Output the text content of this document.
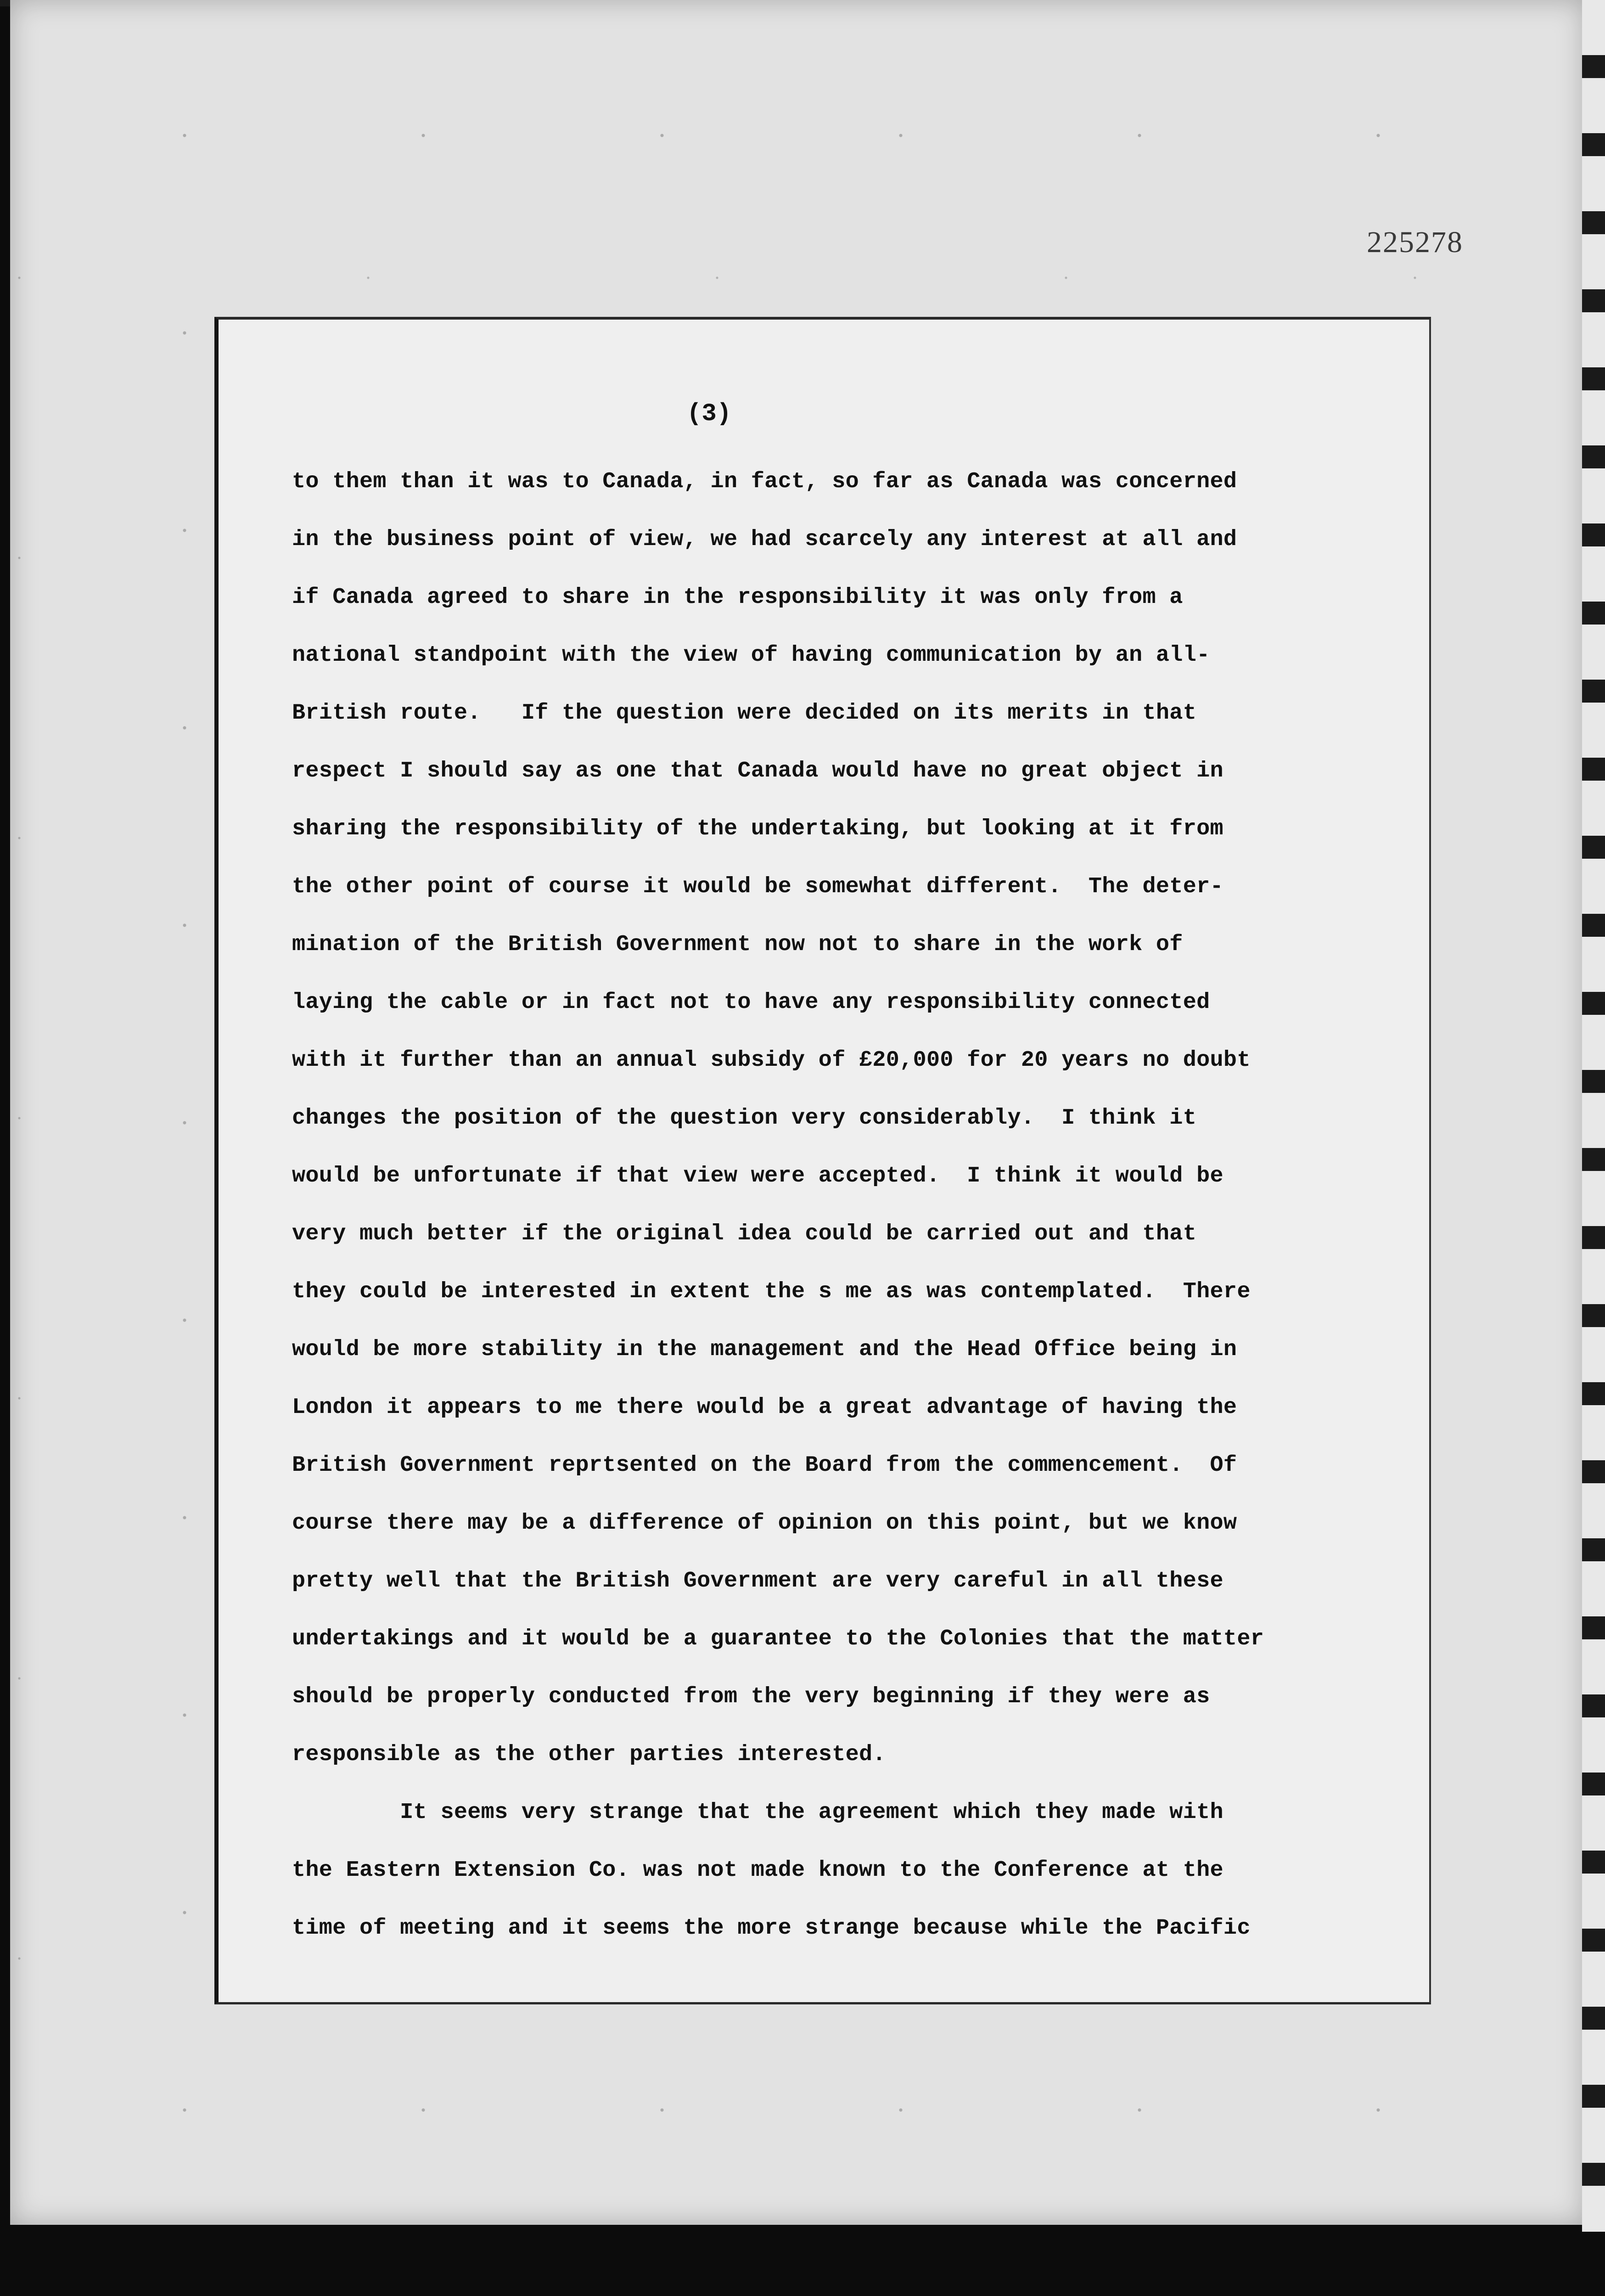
225278
(3)
to them than it was to Canada, in fact, so far as Canada was concerned
in the business point of view, we had scarcely any interest at all and
if Canada agreed to share in the responsibility it was only from a
national standpoint with the view of having communication by an all-
British route.   If the question were decided on its merits in that
respect I should say as one that Canada would have no great object in
sharing the responsibility of the undertaking, but looking at it from
the other point of course it would be somewhat different.  The deter-
mination of the British Government now not to share in the work of
laying the cable or in fact not to have any responsibility connected
with it further than an annual subsidy of £20,000 for 20 years no doubt
changes the position of the question very considerably.  I think it
would be unfortunate if that view were accepted.  I think it would be
very much better if the original idea could be carried out and that
they could be interested in extent the s me as was contemplated.  There
would be more stability in the management and the Head Office being in
London it appears to me there would be a great advantage of having the
British Government reprtsented on the Board from the commencement.  Of
course there may be a difference of opinion on this point, but we know
pretty well that the British Government are very careful in all these
undertakings and it would be a guarantee to the Colonies that the matter
should be properly conducted from the very beginning if they were as
responsible as the other parties interested.
It seems very strange that the agreement which they made with
the Eastern Extension Co. was not made known to the Conference at the
time of meeting and it seems the more strange because while the Pacific
